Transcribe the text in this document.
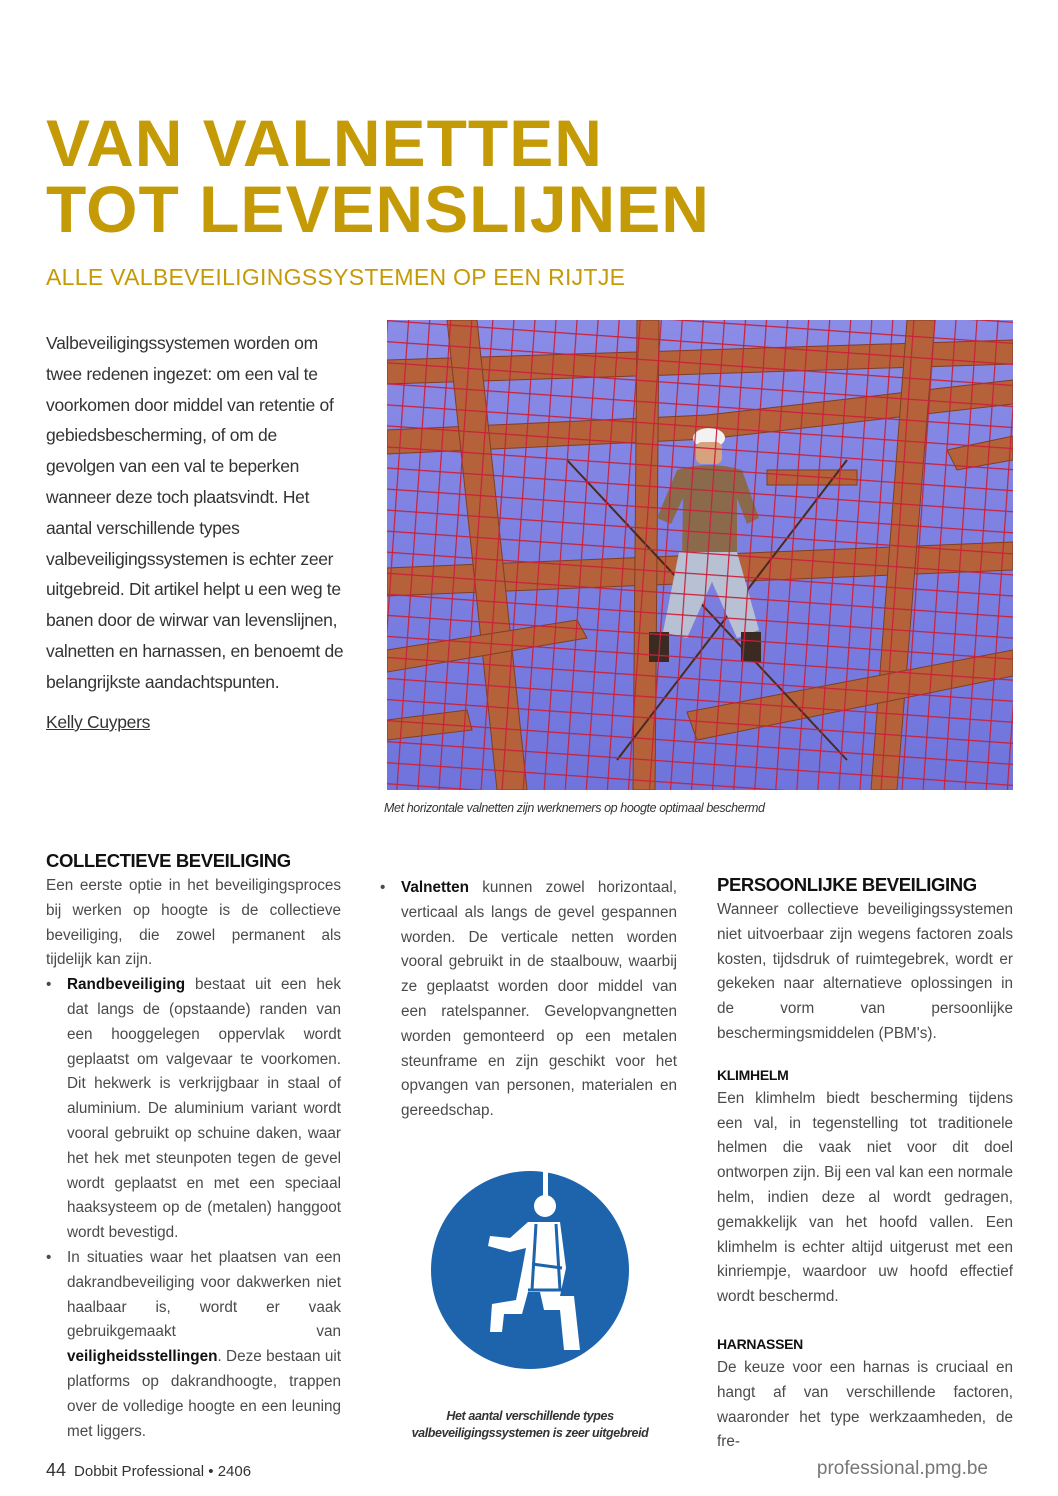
VAN VALNETTEN
TOT LEVENSLIJNEN
ALLE VALBEVEILIGINGSSYSTEMEN OP EEN RIJTJE
Valbeveiligingssystemen worden om twee redenen ingezet: om een val te voorkomen door middel van retentie of gebiedsbescherming, of om de gevolgen van een val te beperken wanneer deze toch plaatsvindt. Het aantal verschillende types valbeveiligingssystemen is echter zeer uitgebreid. Dit artikel helpt u een weg te banen door de wirwar van levenslijnen, valnetten en harnassen, en benoemt de belangrijkste aandachtspunten.
Kelly Cuypers
Met horizontale valnetten zijn werknemers op hoogte optimaal beschermd
COLLECTIEVE BEVEILIGING

Een eerste optie in het beveiligingsproces bij werken op hoogte is de collectieve beveiliging, die zowel permanent als tijdelijk kan zijn.

• Randbeveiliging bestaat uit een hek dat langs de (opstaande) randen van een hooggelegen oppervlak wordt geplaatst om valgevaar te voorkomen. Dit hekwerk is verkrijgbaar in staal of aluminium. De aluminium variant wordt vooral gebruikt op schuine daken, waar het hek met steunpoten tegen de gevel wordt geplaatst en met een speciaal haaksysteem op de (metalen) hanggoot wordt bevestigd.
• In situaties waar het plaatsen van een dakrandbeveiliging voor dakwerken niet haalbaar is, wordt er vaak gebruikgemaakt van veiligheidsstellingen. Deze bestaan uit platforms op dakrandhoogte, trappen over de volledige hoogte en een leuning met liggers.
• Valnetten kunnen zowel horizontaal, verticaal als langs de gevel gespannen worden. De verticale netten worden vooral gebruikt in de staalbouw, waarbij ze geplaatst worden door middel van een ratelspanner. Gevelopvangnetten worden gemonteerd op een metalen steunframe en zijn geschikt voor het opvangen van personen, materialen en gereedschap.
Het aantal verschillende types
valbeveiligingssystemen is zeer uitgebreid
PERSOONLIJKE BEVEILIGING

Wanneer collectieve beveiligingssystemen niet uitvoerbaar zijn wegens factoren zoals kosten, tijdsdruk of ruimtegebrek, wordt er gekeken naar alternatieve oplossingen in de vorm van persoonlijke beschermingsmiddelen (PBM's).

KLIMHELM

Een klimhelm biedt bescherming tijdens een val, in tegenstelling tot traditionele helmen die vaak niet voor dit doel ontworpen zijn. Bij een val kan een normale helm, indien deze al wordt gedragen, gemakkelijk van het hoofd vallen. Een klimhelm is echter altijd uitgerust met een kinriempje, waardoor uw hoofd effectief wordt beschermd.

HARNASSEN

De keuze voor een harnas is cruciaal en hangt af van verschillende factoren, waaronder het type werkzaamheden, de fre-

44 Dobbit Professional • 2406	professional.pmg.be
